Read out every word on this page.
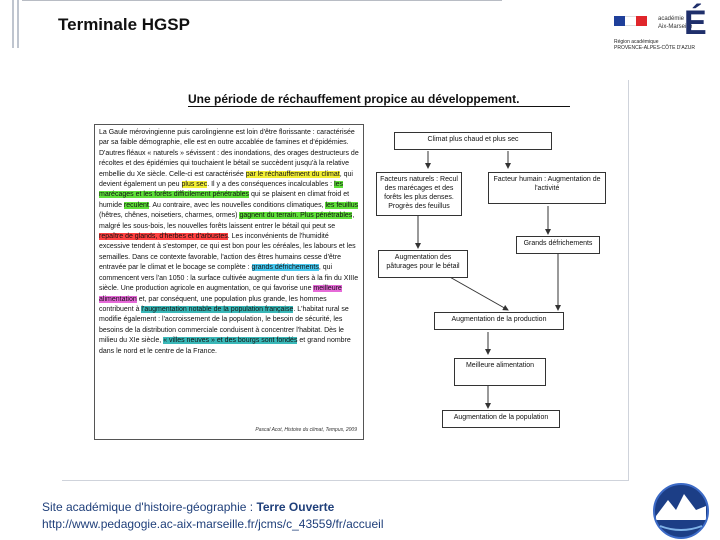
Terminale HGSP	académie
Aix-Marseille
É
Région académique
PROVENCE-ALPES-CÔTE D'AZUR
Une période de réchauffement propice au développement.
La Gaule mérovingienne puis carolingienne est loin d'être florissante : caractérisée par sa faible démographie, elle est en outre accablée de famines et d'épidémies. D'autres fléaux « naturels » sévissent : des inondations, des orages destructeurs de récoltes et des épidémies qui touchaient le bétail se succèdent jusqu'à la relative embellie du Xe siècle. Celle-ci est caractérisée par le réchauffement du climat, qui devient également un peu plus sec. Il y a des conséquences incalculables : les marécages et les forêts difficilement pénétrables qui se plaisent en climat froid et humide reculent. Au contraire, avec les nouvelles conditions climatiques, les feuillus (hêtres, chênes, noisetiers, charmes, ormes) gagnent du terrain. Plus pénétrables, malgré les sous-bois, les nouvelles forêts laissent entrer le bétail qui peut se repaître de glands, d'herbes et d'arbustes. Les inconvénients de l'humidité excessive tendent à s'estomper, ce qui est bon pour les céréales, les labours et les semailles. Dans ce contexte favorable, l'action des êtres humains cesse d'être entravée par le climat et le bocage se complète : grands défrichements, qui commencent vers l'an 1050 : la surface cultivée augmente d'un tiers à la fin du XIIIe siècle. Une production agricole en augmentation, ce qui favorise une meilleure alimentation et, par conséquent, une population plus grande, les hommes contribuent à l'augmentation notable de la population française. L'habitat rural se modifie également : l'accroissement de la population, le besoin de sécurité, les besoins de la distribution commerciale conduisent à concentrer l'habitat. Dès le milieu du XIe siècle, « villes neuves » et des bourgs sont fondés et grand nombre dans le nord et le centre de la France.
Pascal Acot, Histoire du climat, Tempus, 2009
Climat plus chaud et plus sec
Facteurs naturels : Recul des marécages et des forêts les plus denses. Progrès des feuillus
Facteur humain : Augmentation de l'activité
Grands défrichements
Augmentation des pâturages pour le bétail
Augmentation de la production
Meilleure alimentation
Augmentation de la population
Site académique d'histoire-géographie : Terre Ouverte
http://www.pedagogie.ac-aix-marseille.fr/jcms/c_43559/fr/accueil
